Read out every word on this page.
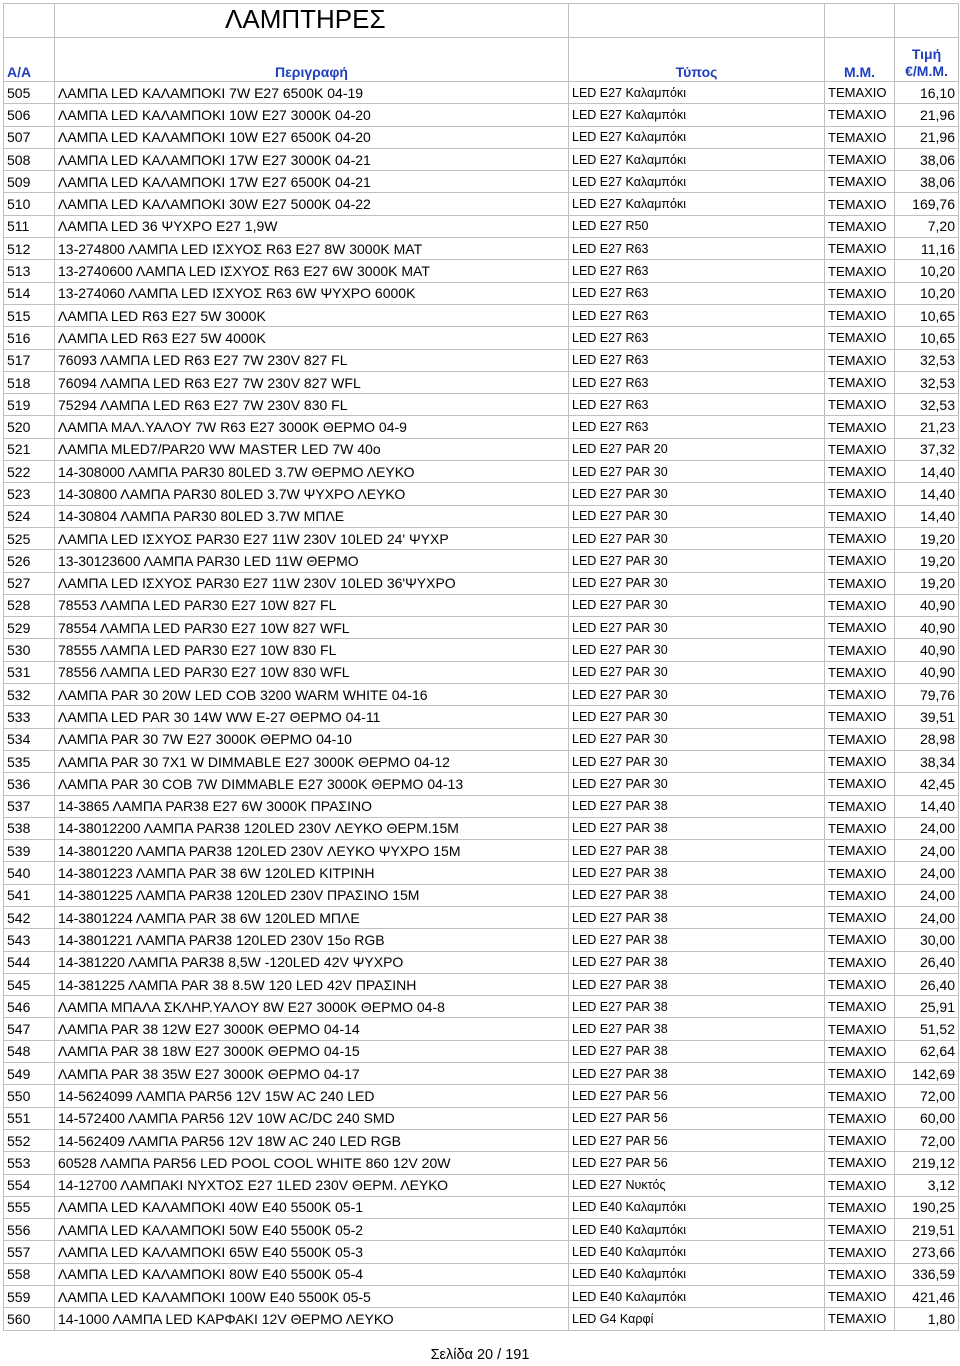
	ΛΑΜΠΤΗΡΕΣ			
Α/Α	Περιγραφή	Τύπος	Μ.Μ.	Τιμή
€/Μ.Μ.

505	ΛΑΜΠΑ LED ΚΑΛΑΜΠΟΚΙ 7W E27 6500K 04-19	LED E27 Καλαμπόκι	ΤΕΜΑΧΙΟ	16,10
506	ΛΑΜΠΑ LED ΚΑΛΑΜΠΟΚΙ 10W E27 3000K 04-20	LED E27 Καλαμπόκι	ΤΕΜΑΧΙΟ	21,96
507	ΛΑΜΠΑ LED ΚΑΛΑΜΠΟΚΙ 10W E27 6500K 04-20	LED E27 Καλαμπόκι	ΤΕΜΑΧΙΟ	21,96
508	ΛΑΜΠΑ LED ΚΑΛΑΜΠΟΚΙ 17W E27 3000K 04-21	LED E27 Καλαμπόκι	ΤΕΜΑΧΙΟ	38,06
509	ΛΑΜΠΑ LED ΚΑΛΑΜΠΟΚΙ 17W E27 6500K 04-21	LED E27 Καλαμπόκι	ΤΕΜΑΧΙΟ	38,06
510	ΛΑΜΠΑ LED ΚΑΛΑΜΠΟΚΙ 30W E27 5000K 04-22	LED E27 Καλαμπόκι	ΤΕΜΑΧΙΟ	169,76
511	ΛΑΜΠΑ LED 36 ΨΥΧΡΟ E27 1,9W	LED E27 R50	ΤΕΜΑΧΙΟ	7,20
512	13-274800 ΛΑΜΠΑ LED ΙΣΧΥΟΣ R63 E27 8W 3000K MAT	LED E27 R63	ΤΕΜΑΧΙΟ	11,16
513	13-2740600 ΛΑΜΠΑ LED ΙΣΧΥΟΣ R63 E27 6W 3000K MAT	LED E27 R63	ΤΕΜΑΧΙΟ	10,20
514	13-274060 ΛΑΜΠΑ LED ΙΣΧΥΟΣ R63 6W ΨΥΧΡΟ 6000K	LED E27 R63	ΤΕΜΑΧΙΟ	10,20
515	ΛΑΜΠΑ LED R63 E27 5W 3000K	LED E27 R63	ΤΕΜΑΧΙΟ	10,65
516	ΛΑΜΠΑ LED R63 E27 5W 4000K	LED E27 R63	ΤΕΜΑΧΙΟ	10,65
517	76093 ΛΑΜΠΑ LED R63 E27 7W 230V 827 FL	LED E27 R63	ΤΕΜΑΧΙΟ	32,53
518	76094 ΛΑΜΠΑ LED R63 E27 7W 230V 827 WFL	LED E27 R63	ΤΕΜΑΧΙΟ	32,53
519	75294 ΛΑΜΠΑ LED R63 E27 7W 230V 830 FL	LED E27 R63	ΤΕΜΑΧΙΟ	32,53
520	ΛΑΜΠΑ ΜΑΛ.ΥΑΛΟΥ 7W R63 E27 3000K ΘΕΡΜΟ 04-9	LED E27 R63	ΤΕΜΑΧΙΟ	21,23
521	ΛΑΜΠΑ MLED7/PAR20 WW MASTER LED 7W 40o	LED E27 PAR 20	ΤΕΜΑΧΙΟ	37,32
522	14-308000 ΛΑΜΠΑ PAR30 80LED 3.7W ΘΕΡΜΟ ΛΕΥΚΟ	LED E27 PAR 30	ΤΕΜΑΧΙΟ	14,40
523	14-30800 ΛΑΜΠΑ PAR30 80LED 3.7W ΨΥΧΡΟ ΛΕΥΚΟ	LED E27 PAR 30	ΤΕΜΑΧΙΟ	14,40
524	14-30804 ΛΑΜΠΑ PAR30 80LED 3.7W ΜΠΛΕ	LED E27 PAR 30	ΤΕΜΑΧΙΟ	14,40
525	ΛΑΜΠΑ LED ΙΣΧΥΟΣ PAR30 E27 11W 230V 10LED 24' ΨΥΧΡ	LED E27 PAR 30	ΤΕΜΑΧΙΟ	19,20
526	13-30123600 ΛΑΜΠΑ PAR30 LED 11W ΘΕΡΜΟ	LED E27 PAR 30	ΤΕΜΑΧΙΟ	19,20
527	ΛΑΜΠΑ LED ΙΣΧΥΟΣ PAR30 E27 11W 230V 10LED 36'ΨΥΧΡΟ	LED E27 PAR 30	ΤΕΜΑΧΙΟ	19,20
528	78553 ΛΑΜΠΑ LED PAR30 E27 10W 827 FL	LED E27 PAR 30	ΤΕΜΑΧΙΟ	40,90
529	78554 ΛΑΜΠΑ LED PAR30 E27 10W 827 WFL	LED E27 PAR 30	ΤΕΜΑΧΙΟ	40,90
530	78555 ΛΑΜΠΑ LED PAR30 E27 10W 830 FL	LED E27 PAR 30	ΤΕΜΑΧΙΟ	40,90
531	78556 ΛΑΜΠΑ LED PAR30 E27 10W 830 WFL	LED E27 PAR 30	ΤΕΜΑΧΙΟ	40,90
532	ΛΑΜΠΑ PAR 30 20W LED COB 3200 WARM WHITE 04-16	LED E27 PAR 30	ΤΕΜΑΧΙΟ	79,76
533	ΛΑΜΠΑ LED PAR 30 14W WW E-27 ΘΕΡΜΟ 04-11	LED E27 PAR 30	ΤΕΜΑΧΙΟ	39,51
534	ΛΑΜΠΑ PAR 30 7W E27 3000K ΘΕΡΜΟ 04-10	LED E27 PAR 30	ΤΕΜΑΧΙΟ	28,98
535	ΛΑΜΠΑ PAR 30 7X1 W DIMMABLE E27 3000K ΘΕΡΜΟ 04-12	LED E27 PAR 30	ΤΕΜΑΧΙΟ	38,34
536	ΛΑΜΠΑ PAR 30 COB 7W DIMMABLE E27 3000K ΘΕΡΜΟ 04-13	LED E27 PAR 30	ΤΕΜΑΧΙΟ	42,45
537	14-3865 ΛΑΜΠΑ PAR38 E27 6W 3000K ΠΡΑΣΙΝΟ	LED E27 PAR 38	ΤΕΜΑΧΙΟ	14,40
538	14-38012200 ΛΑΜΠΑ PAR38 120LED 230V ΛΕΥΚΟ ΘΕΡΜ.15M	LED E27 PAR 38	ΤΕΜΑΧΙΟ	24,00
539	14-3801220 ΛΑΜΠΑ PAR38 120LED 230V ΛΕΥΚΟ ΨΥΧΡΟ 15M	LED E27 PAR 38	ΤΕΜΑΧΙΟ	24,00
540	14-3801223 ΛΑΜΠΑ PAR 38 6W 120LED ΚΙΤΡΙΝΗ	LED E27 PAR 38	ΤΕΜΑΧΙΟ	24,00
541	14-3801225 ΛΑΜΠΑ PAR38 120LED 230V ΠΡΑΣΙΝΟ 15M	LED E27 PAR 38	ΤΕΜΑΧΙΟ	24,00
542	14-3801224 ΛΑΜΠΑ PAR 38 6W 120LED ΜΠΛΕ	LED E27 PAR 38	ΤΕΜΑΧΙΟ	24,00
543	14-3801221 ΛΑΜΠΑ PAR38 120LED 230V 15o RGB	LED E27 PAR 38	ΤΕΜΑΧΙΟ	30,00
544	14-381220 ΛΑΜΠΑ PAR38 8,5W -120LED 42V ΨΥΧΡΟ	LED E27 PAR 38	ΤΕΜΑΧΙΟ	26,40
545	14-381225 ΛΑΜΠΑ PAR 38 8.5W 120 LED 42V ΠΡΑΣΙΝΗ	LED E27 PAR 38	ΤΕΜΑΧΙΟ	26,40
546	ΛΑΜΠΑ ΜΠΑΛΑ ΣΚΛΗΡ.ΥΑΛΟΥ 8W E27 3000K ΘΕΡΜΟ 04-8	LED E27 PAR 38	ΤΕΜΑΧΙΟ	25,91
547	ΛΑΜΠΑ PAR 38 12W E27 3000K ΘΕΡΜΟ 04-14	LED E27 PAR 38	ΤΕΜΑΧΙΟ	51,52
548	ΛΑΜΠΑ PAR 38 18W E27 3000K ΘΕΡΜΟ 04-15	LED E27 PAR 38	ΤΕΜΑΧΙΟ	62,64
549	ΛΑΜΠΑ PAR 38 35W E27 3000K ΘΕΡΜΟ 04-17	LED E27 PAR 38	ΤΕΜΑΧΙΟ	142,69
550	14-5624099 ΛΑΜΠΑ PAR56 12V 15W AC 240 LED	LED E27 PAR 56	ΤΕΜΑΧΙΟ	72,00
551	14-572400 ΛΑΜΠΑ PAR56 12V 10W AC/DC 240 SMD	LED E27 PAR 56	ΤΕΜΑΧΙΟ	60,00
552	14-562409 ΛΑΜΠΑ PAR56 12V 18W AC 240 LED RGB	LED E27 PAR 56	ΤΕΜΑΧΙΟ	72,00
553	60528 ΛΑΜΠΑ PAR56 LED POOL COOL WHITE 860 12V 20W	LED E27 PAR 56	ΤΕΜΑΧΙΟ	219,12
554	14-12700 ΛΑΜΠΑΚΙ ΝΥΧΤΟΣ E27 1LED 230V ΘΕΡΜ. ΛΕΥΚΟ	LED E27 Νυκτός	ΤΕΜΑΧΙΟ	3,12
555	ΛΑΜΠΑ LED ΚΑΛΑΜΠΟΚΙ 40W E40 5500K 05-1	LED E40 Καλαμπόκι	ΤΕΜΑΧΙΟ	190,25
556	ΛΑΜΠΑ LED ΚΑΛΑΜΠΟΚΙ 50W E40 5500K 05-2	LED E40 Καλαμπόκι	ΤΕΜΑΧΙΟ	219,51
557	ΛΑΜΠΑ LED ΚΑΛΑΜΠΟΚΙ 65W E40 5500K 05-3	LED E40 Καλαμπόκι	ΤΕΜΑΧΙΟ	273,66
558	ΛΑΜΠΑ LED ΚΑΛΑΜΠΟΚΙ 80W E40 5500K 05-4	LED E40 Καλαμπόκι	ΤΕΜΑΧΙΟ	336,59
559	ΛΑΜΠΑ LED ΚΑΛΑΜΠΟΚΙ 100W E40 5500K 05-5	LED E40 Καλαμπόκι	ΤΕΜΑΧΙΟ	421,46
560	14-1000 ΛΑΜΠΑ LED ΚΑΡΦΑΚΙ 12V ΘΕΡΜΟ ΛΕΥΚΟ	LED G4 Καρφί	ΤΕΜΑΧΙΟ	1,80
Σελίδα 20 / 191
